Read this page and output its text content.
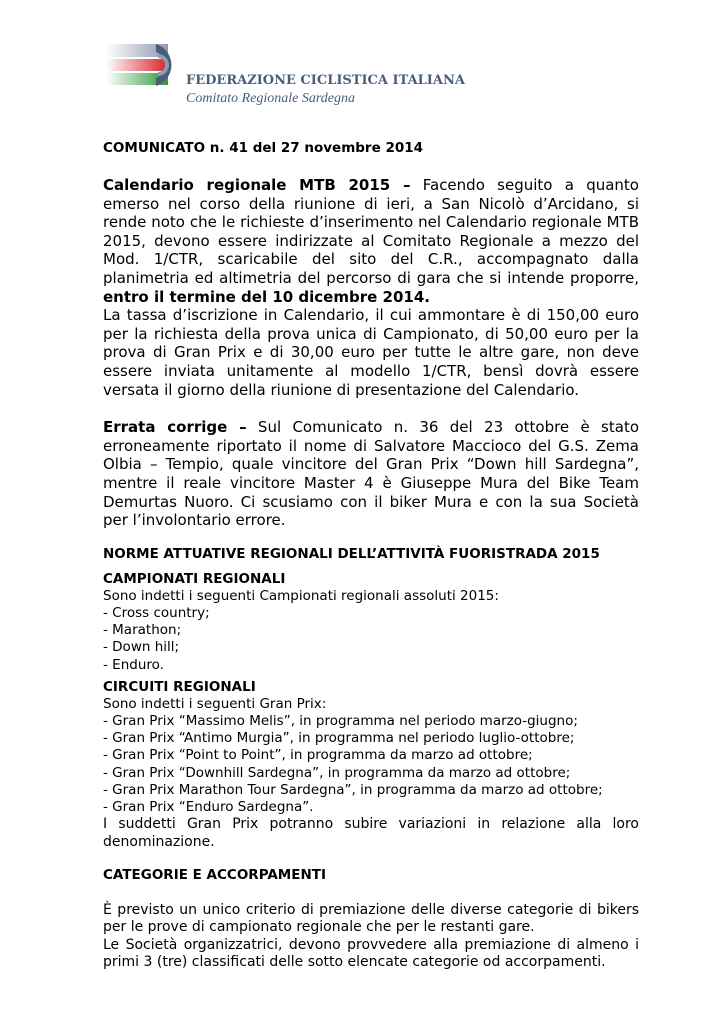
FEDERAZIONE CICLISTICA ITALIANA
Comitato Regionale Sardegna

COMUNICATO n. 41 del 27 novembre 2014

Calendario regionale MTB 2015 – Facendo seguito a quanto emerso nel corso della riunione di ieri, a San Nicolò d’Arcidano, si rende noto che le richieste d’inserimento nel Calendario regionale MTB 2015, devono essere indirizzate al Comitato Regionale a mezzo del Mod. 1/CTR, scaricabile del sito del C.R., accompagnato dalla planimetria ed altimetria del percorso di gara che si intende proporre, entro il termine del 10 dicembre 2014.

La tassa d’iscrizione in Calendario, il cui ammontare è di 150,00 euro per la richiesta della prova unica di Campionato, di 50,00 euro per la prova di Gran Prix e di 30,00 euro per tutte le altre gare, non deve essere inviata unitamente al modello 1/CTR, bensì dovrà essere versata il giorno della riunione di presentazione del Calendario.

Errata corrige – Sul Comunicato n. 36 del 23 ottobre è stato erroneamente riportato il nome di Salvatore Maccioco del G.S. Zema Olbia – Tempio, quale vincitore del Gran Prix “Down hill Sardegna”, mentre il reale vincitore Master 4 è Giuseppe Mura del Bike Team Demurtas Nuoro. Ci scusiamo con il biker Mura e con la sua Società per l’involontario errore.

NORME ATTUATIVE REGIONALI DELL’ATTIVITÀ FUORISTRADA 2015

CAMPIONATI REGIONALI

Sono indetti i seguenti Campionati regionali assoluti 2015:

- Cross country;
- Marathon;
- Down hill;
- Enduro.

CIRCUITI REGIONALI

Sono indetti i seguenti Gran Prix:

- Gran Prix “Massimo Melis”, in programma nel periodo marzo-giugno;
- Gran Prix “Antimo Murgia”, in programma nel periodo luglio-ottobre;
- Gran Prix “Point to Point”, in programma da marzo ad ottobre;
- Gran Prix “Downhill Sardegna”, in programma da marzo ad ottobre;
- Gran Prix Marathon Tour Sardegna”, in programma da marzo ad ottobre;
- Gran Prix “Enduro Sardegna”.

I suddetti Gran Prix potranno subire variazioni in relazione alla loro denominazione.

CATEGORIE E ACCORPAMENTI

È previsto un unico criterio di premiazione delle diverse categorie di bikers per le prove di campionato regionale che per le restanti gare.

Le Società organizzatrici, devono provvedere alla premiazione di almeno i primi 3 (tre) classificati delle sotto elencate categorie od accorpamenti.
